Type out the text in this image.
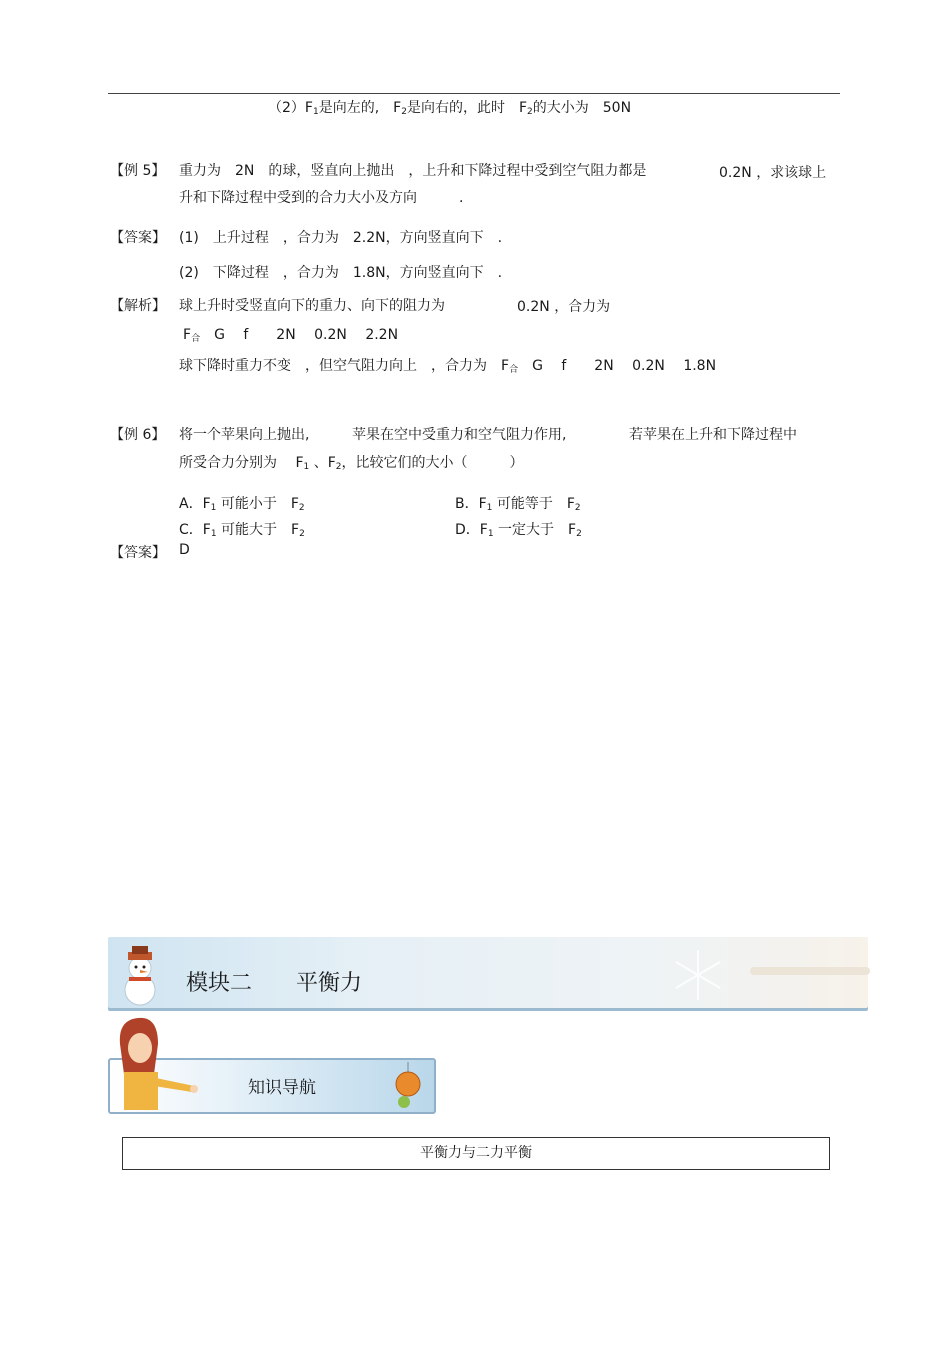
$(2)F_1$是向左的,　$F_2$是向右的，此时　$F_2$的大小为　50N
【例 5】 重力为　2N　的球，竖直向上抛出　，上升和下降过程中受到空气阻力都是	0.2N ，求该球上
升和下降过程中受到的合力大小及方向　　　.
【答案】 (1)　上升过程　，合力为　2.2N，方向竖直向下　.
(2)　下降过程　，合力为　1.8N，方向竖直向下　.
【解析】 球上升时受竖直向下的重力、向下的阻力为	0.2N ，合力为
$F_合$　G　 f　　2N　 0.2N　 2.2N
球下降时重力不变　，但空气阻力向上　，合力为　$F_合$　G　 f　　2N　 0.2N　 1.8N
【例 6】 将一个苹果向上抛出,	苹果在空中受重力和空气阻力作用,	若苹果在上升和下降过程中
所受合力分别为　 $F_1$ 、$F_2$，比较它们的大小（　　　）
A．$F_1$ 可能小于　$F_2$	B．$F_1$ 可能等于　$F_2$
C．$F_1$ 可能大于　$F_2$	D．$F_1$ 一定大于　$F_2$
【答案】 D
模块二　　平衡力
知识导航
平衡力与二力平衡
